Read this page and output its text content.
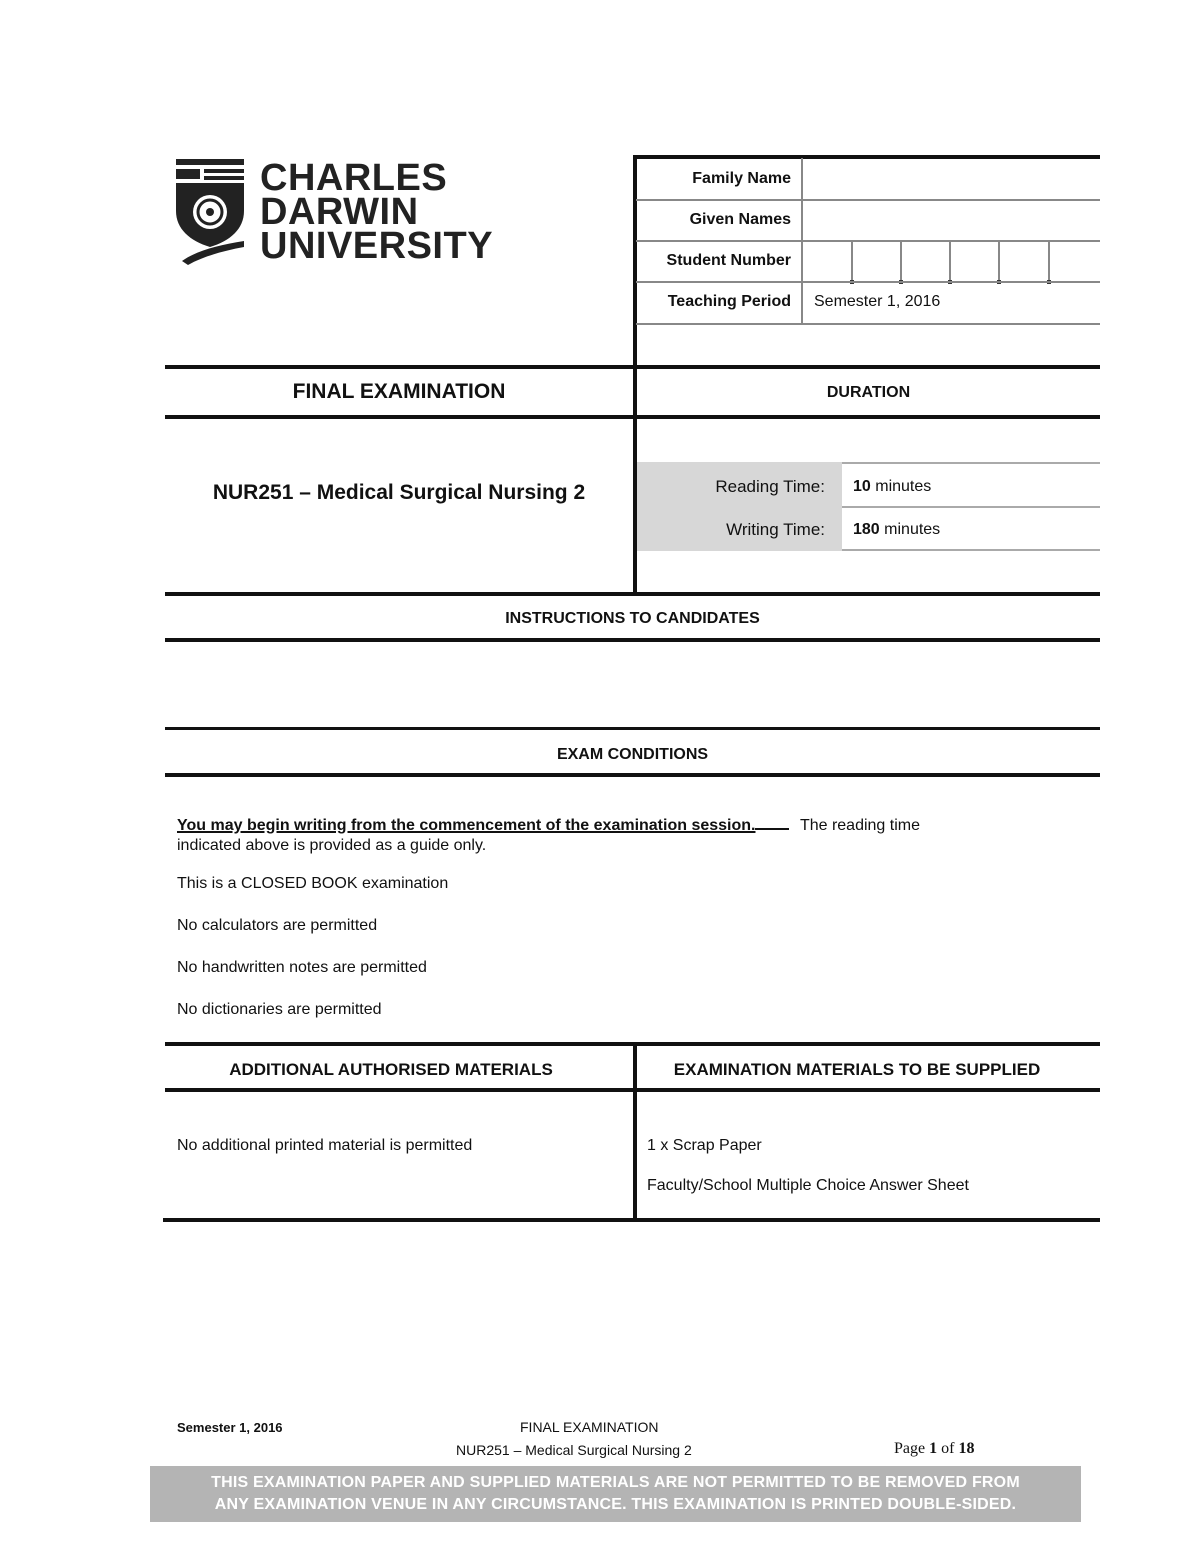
CHARLES
DARWIN
UNIVERSITY
Family Name
Given Names
Student Number
Teaching Period Semester 1, 2016
FINAL EXAMINATION	DURATION
NUR251 – Medical Surgical Nursing 2	Reading Time: 10 minutes
Writing Time: 180 minutes
INSTRUCTIONS TO CANDIDATES
EXAM CONDITIONS
You may begin writing from the commencement of the examination session.	The reading time
indicated above is provided as a guide only.
This is a CLOSED BOOK examination
No calculators are permitted
No handwritten notes are permitted
No dictionaries are permitted
ADDITIONAL AUTHORISED MATERIALS	EXAMINATION MATERIALS TO BE SUPPLIED
No additional printed material is permitted	1 x Scrap Paper
Faculty/School Multiple Choice Answer Sheet
Semester 1, 2016	FINAL EXAMINATION
NUR251 – Medical Surgical Nursing 2	Page 1 of 18
THIS EXAMINATION PAPER AND SUPPLIED MATERIALS ARE NOT PERMITTED TO BE REMOVED FROM
ANY EXAMINATION VENUE IN ANY CIRCUMSTANCE. THIS EXAMINATION IS PRINTED DOUBLE-SIDED.
